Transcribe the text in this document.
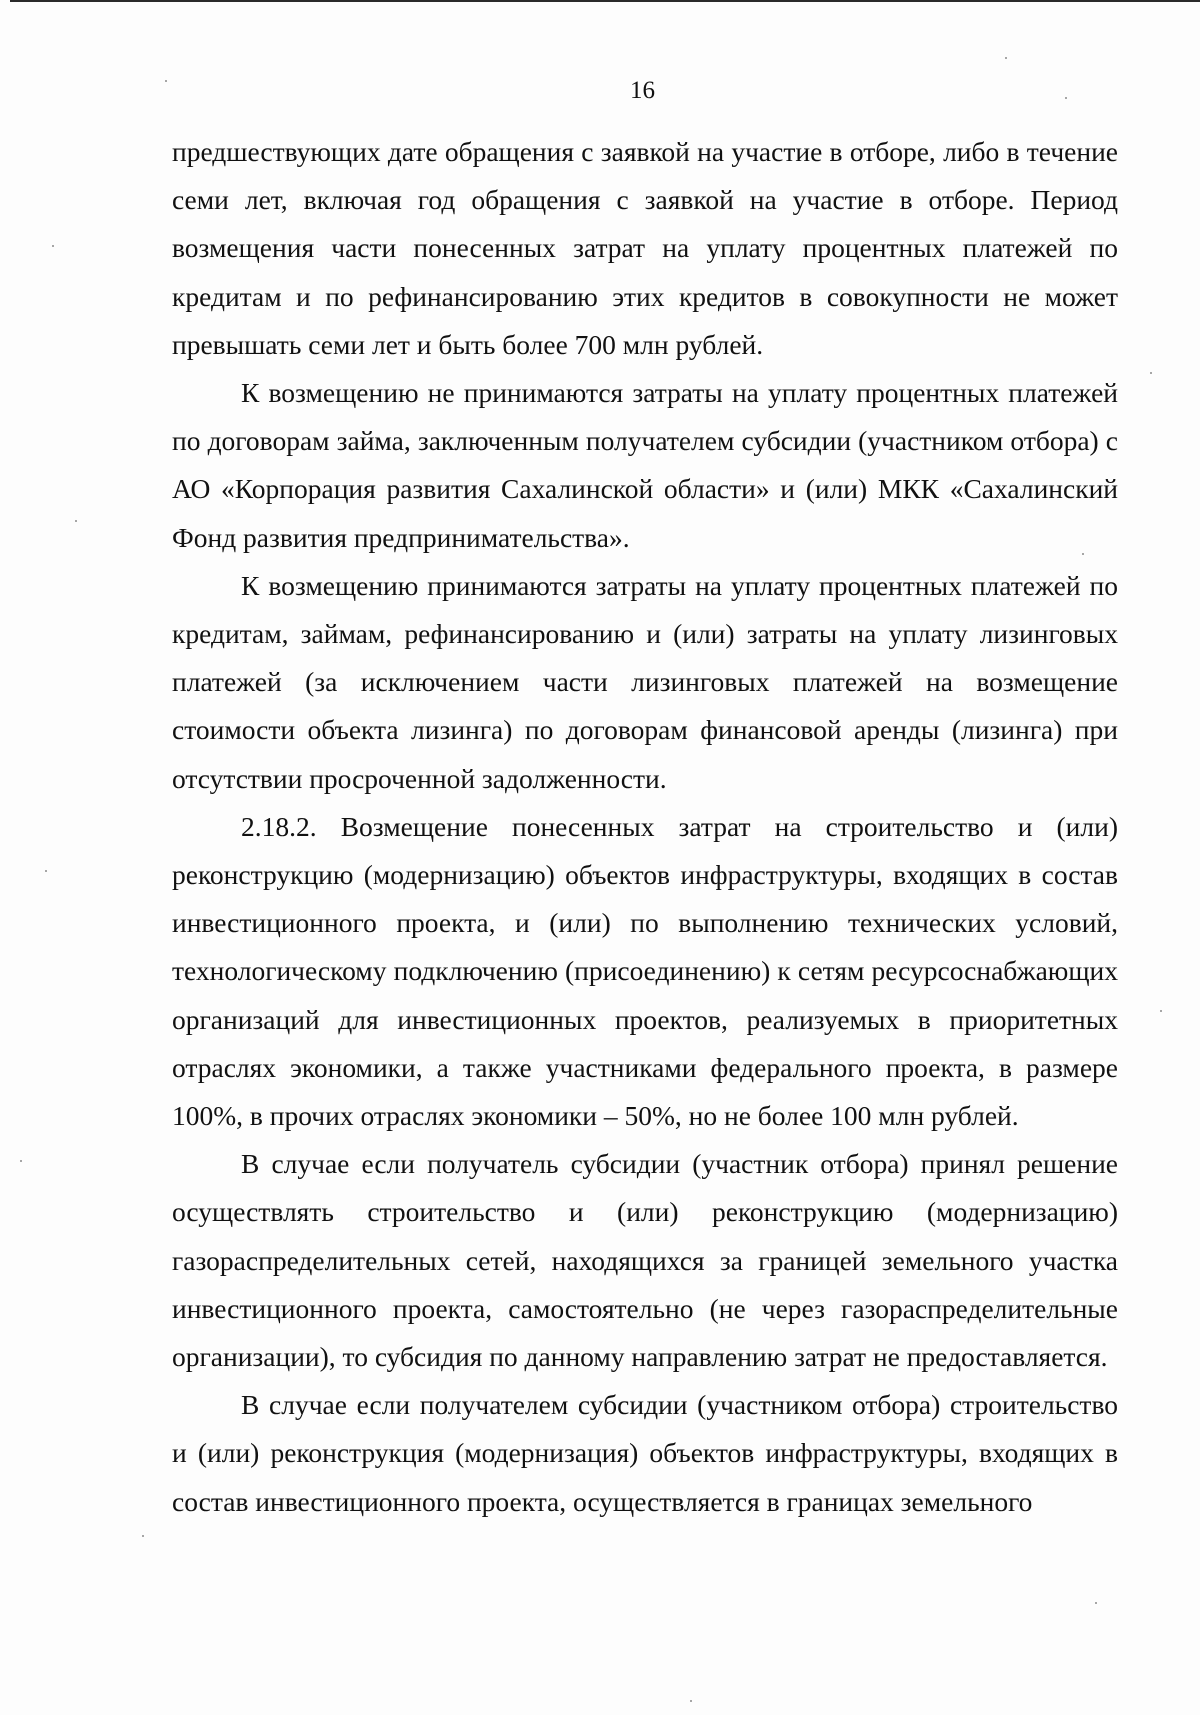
16

предшествующих дате обращения с заявкой на участие в отборе, либо в течение семи лет, включая год обращения с заявкой на участие в отборе. Период возмещения части понесенных затрат на уплату процентных платежей по кредитам и по рефинансированию этих кредитов в совокупности не может превышать семи лет и быть более 700 млн рублей.

К возмещению не принимаются затраты на уплату процентных платежей по договорам займа, заключенным получателем субсидии (участником отбора) с АО «Корпорация развития Сахалинской области» и (или) МКК «Сахалинский Фонд развития предпринимательства».

К возмещению принимаются затраты на уплату процентных платежей по кредитам, займам, рефинансированию и (или) затраты на уплату лизинговых платежей (за исключением части лизинговых платежей на возмещение стоимости объекта лизинга) по договорам финансовой аренды (лизинга) при отсутствии просроченной задолженности.

2.18.2. Возмещение понесенных затрат на строительство и (или) реконструкцию (модернизацию) объектов инфраструктуры, входящих в состав инвестиционного проекта, и (или) по выполнению технических условий, технологическому подключению (присоединению) к сетям ресурсоснабжающих организаций для инвестиционных проектов, реализуемых в приоритетных отраслях экономики, а также участниками федерального проекта, в размере 100%, в прочих отраслях экономики – 50%, но не более 100 млн рублей.

В случае если получатель субсидии (участник отбора) принял решение осуществлять строительство и (или) реконструкцию (модернизацию) газораспределительных сетей, находящихся за границей земельного участка инвестиционного проекта, самостоятельно (не через газораспределительные организации), то субсидия по данному направлению затрат не предоставляется.

В случае если получателем субсидии (участником отбора) строительство и (или) реконструкция (модернизация) объектов инфраструктуры, входящих в состав инвестиционного проекта, осуществляется в границах земельного
